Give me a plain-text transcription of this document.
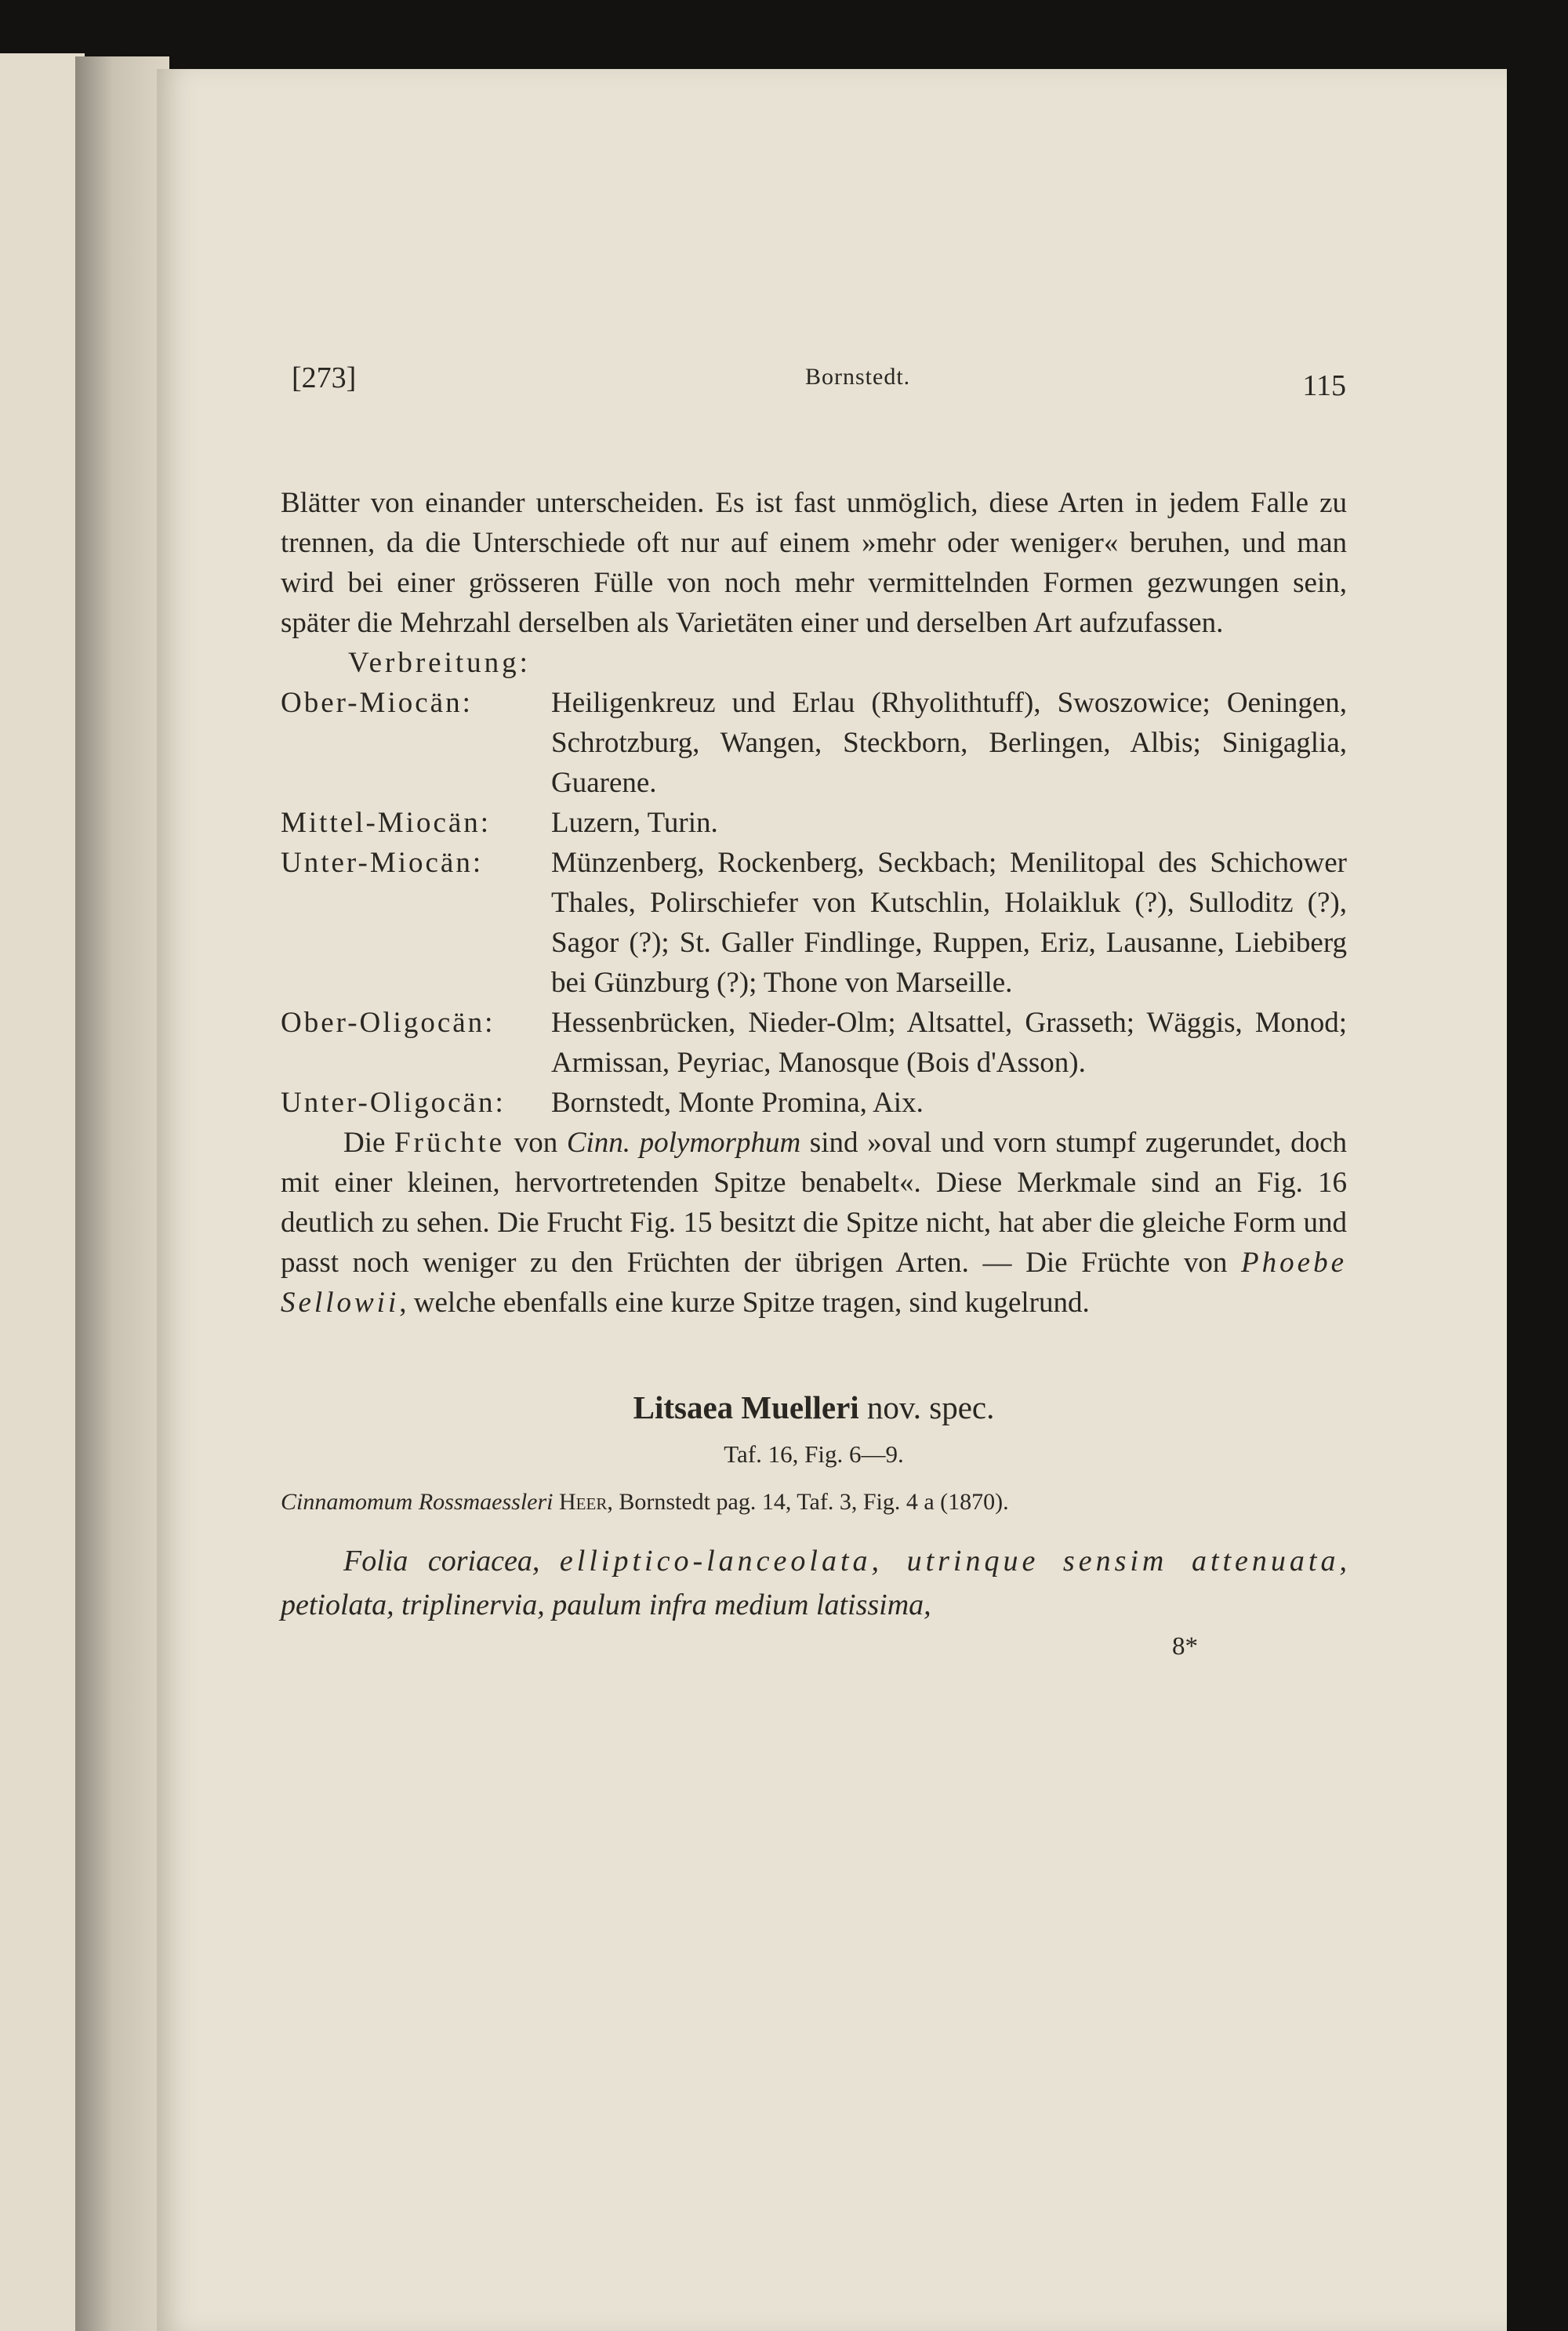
[273]	Bornstedt.	115

Blätter von einander unterscheiden. Es ist fast unmöglich, diese Arten in jedem Falle zu trennen, da die Unterschiede oft nur auf einem »mehr oder weniger« beruhen, und man wird bei einer grösseren Fülle von noch mehr vermittelnden Formen gezwungen sein, später die Mehrzahl derselben als Varietäten einer und derselben Art aufzufassen.

Verbreitung:

Ober-Miocän:	Heiligenkreuz und Erlau (Rhyolithtuff), Swoszowice; Oeningen, Schrotzburg, Wangen, Steckborn, Berlingen, Albis; Sinigaglia, Guarene.
Mittel-Miocän:	Luzern, Turin.
Unter-Miocän:	Münzenberg, Rockenberg, Seckbach; Menilitopal des Schichower Thales, Polirschiefer von Kutschlin, Holaikluk (?), Sulloditz (?), Sagor (?); St. Galler Findlinge, Ruppen, Eriz, Lausanne, Liebiberg bei Günzburg (?); Thone von Marseille.
Ober-Oligocän:	Hessenbrücken, Nieder-Olm; Altsattel, Grasseth; Wäggis, Monod; Armissan, Peyriac, Manosque (Bois d'Asson).
Unter-Oligocän:	Bornstedt, Monte Promina, Aix.

Die Früchte von Cinn. polymorphum sind »oval und vorn stumpf zugerundet, doch mit einer kleinen, hervortretenden Spitze benabelt«. Diese Merkmale sind an Fig. 16 deutlich zu sehen. Die Frucht Fig. 15 besitzt die Spitze nicht, hat aber die gleiche Form und passt noch weniger zu den Früchten der übrigen Arten. — Die Früchte von Phoebe Sellowii, welche ebenfalls eine kurze Spitze tragen, sind kugelrund.

Litsaea Muelleri nov. spec.
Taf. 16, Fig. 6—9.
Cinnamomum Rossmaessleri Heer, Bornstedt pag. 14, Taf. 3, Fig. 4 a (1870).

Folia coriacea, elliptico-lanceolata, utrinque sensim attenuata, petiolata, triplinervia, paulum infra medium latissima,

8*
